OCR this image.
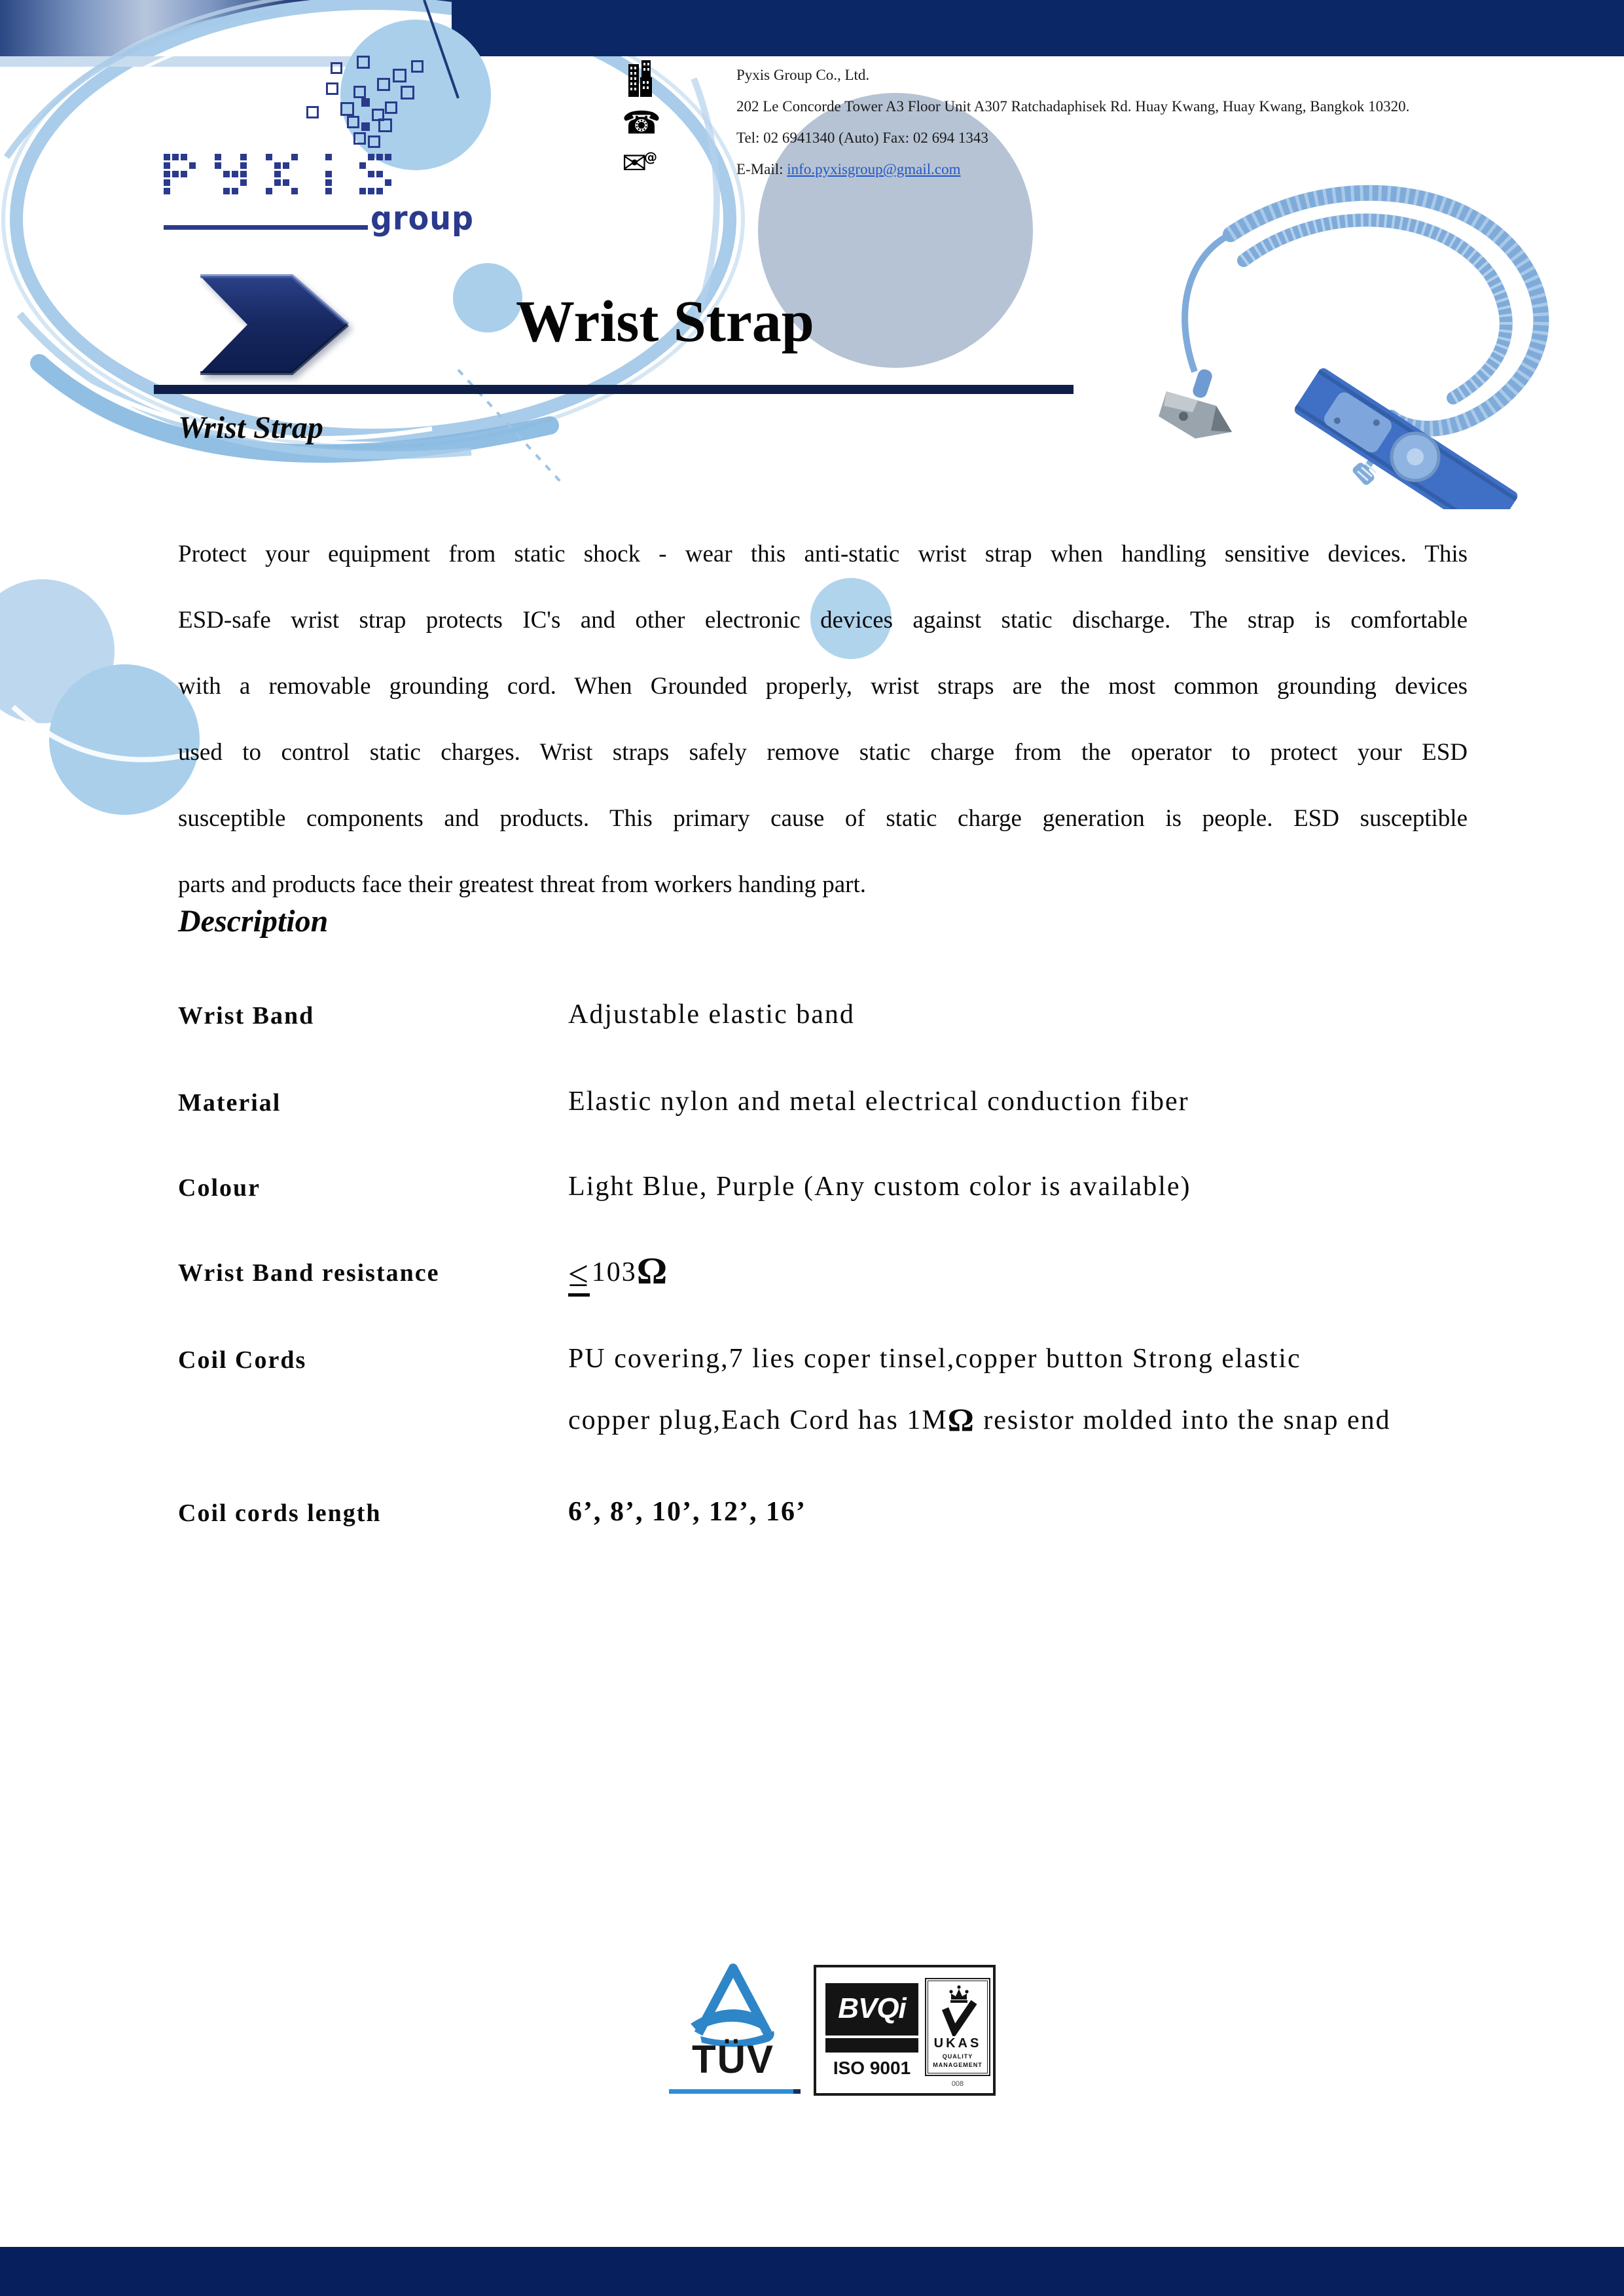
group
☎
✉
@
Pyxis Group Co., Ltd.
202 Le Concorde Tower A3 Floor Unit A307 Ratchadaphisek Rd. Huay Kwang, Huay Kwang, Bangkok 10320.
Tel: 02 6941340 (Auto) Fax: 02 694 1343
E-Mail: info.pyxisgroup@gmail.com
Wrist Strap
Wrist Strap
Protect your equipment from static shock - wear this anti-static wrist strap when handling sensitive devices. This
ESD-safe wrist strap protects IC's and other electronic devices against static discharge. The strap is comfortable
with a removable grounding cord. When Grounded properly, wrist straps are the most common grounding devices
used to control static charges. Wrist straps safely remove static charge from the operator to protect your ESD
susceptible components and products. This primary cause of static charge generation is people. ESD susceptible
parts and products face their greatest threat from workers handing part.
Description
Wrist Band	Adjustable elastic band
Material	Elastic nylon and metal electrical conduction fiber
Colour	Light Blue, Purple (Any custom color is available)
Wrist Band resistance	≤103Ω
Coil Cords	PU covering,7 lies coper tinsel,copper button Strong elastic
copper plug,Each Cord has 1MΩ resistor molded into the snap end
Coil cords length	6’, 8’, 10’, 12’, 16’
TÜV
BVQi
ISO 9001
UKAS
QUALITY
MANAGEMENT
008
